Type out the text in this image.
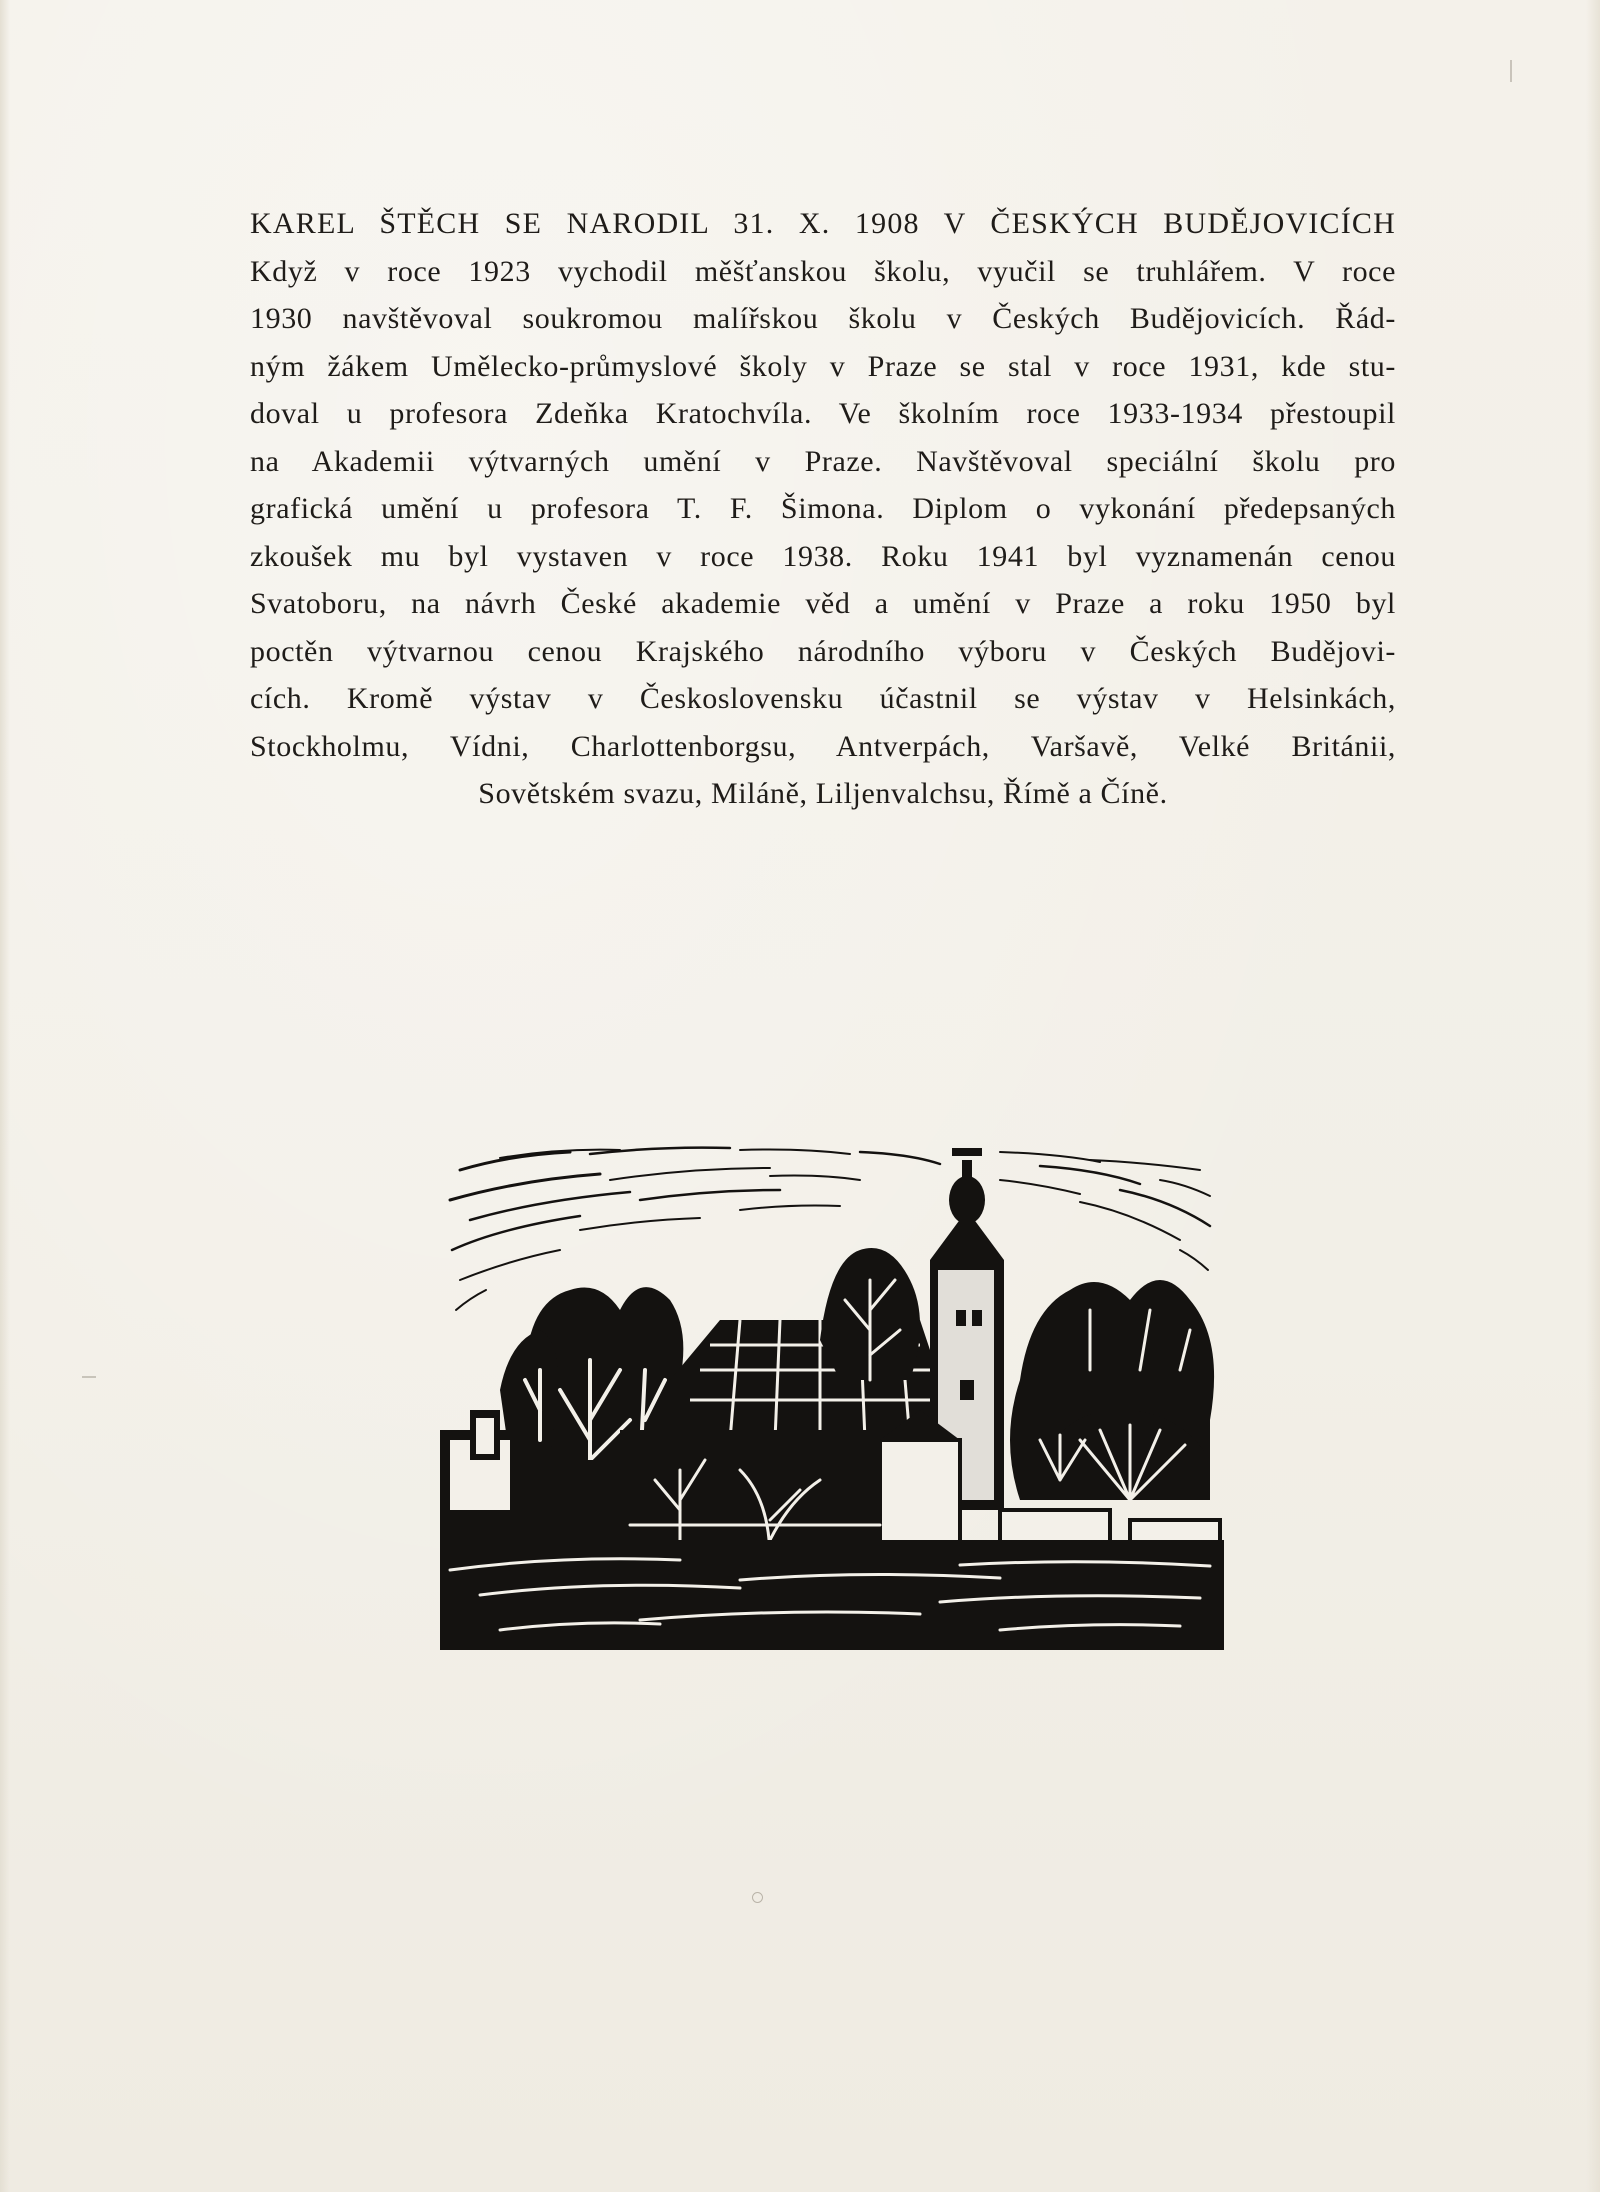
KAREL ŠTĚCH SE NARODIL 31. X. 1908 V ČESKÝCH BUDĚJOVICÍCH
Když v roce 1923 vychodil měšťanskou školu, vyučil se truhlářem. V roce
1930 navštěvoval soukromou malířskou školu v Českých Budějovicích. Řád-
ným žákem Umělecko-průmyslové školy v Praze se stal v roce 1931, kde stu-
doval u profesora Zdeňka Kratochvíla. Ve školním roce 1933-1934 přestoupil
na Akademii výtvarných umění v Praze. Navštěvoval speciální školu pro
grafická umění u profesora T. F. Šimona. Diplom o vykonání předepsaných
zkoušek mu byl vystaven v roce 1938. Roku 1941 byl vyznamenán cenou
Svatoboru, na návrh České akademie věd a umění v Praze a roku 1950 byl
poctěn výtvarnou cenou Krajského národního výboru v Českých Budějovi-
cích. Kromě výstav v Československu účastnil se výstav v Helsinkách,
Stockholmu, Vídni, Charlottenborgsu, Antverpách, Varšavě, Velké Británii,
Sovětském svazu, Miláně, Liljenvalchsu, Římě a Číně.
